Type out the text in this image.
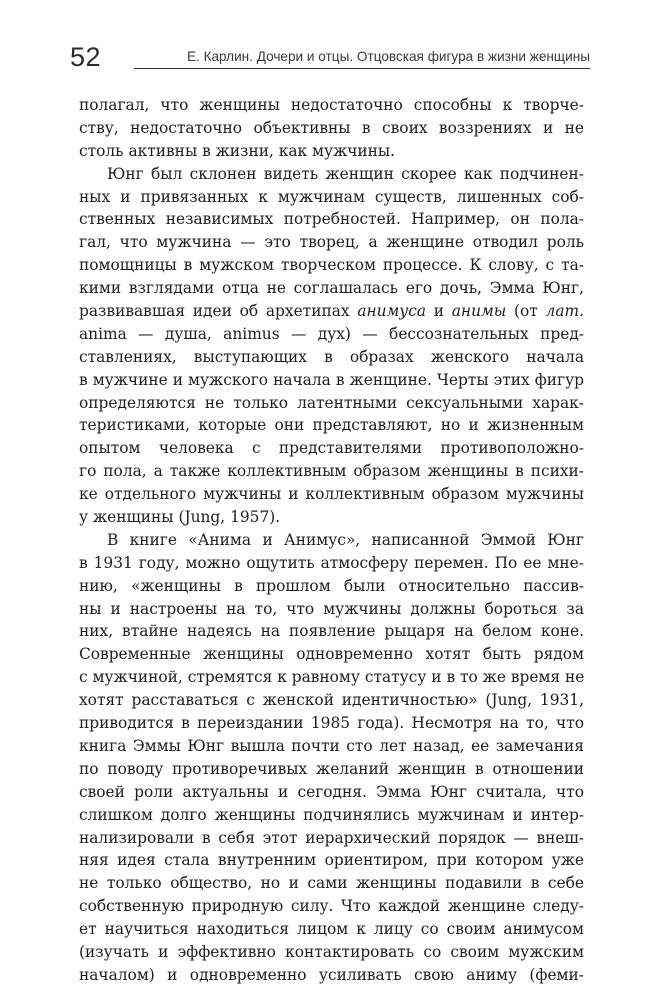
52	Е. Карлин. Дочери и отцы. Отцовская фигура в жизни женщины
полагал, что женщины недостаточно способны к творче-
ству, недостаточно объективны в своих воззрениях и не
столь активны в жизни, как мужчины.
Юнг был склонен видеть женщин скорее как подчинен-
ных и привязанных к мужчинам существ, лишенных соб-
ственных независимых потребностей. Например, он пола-
гал, что мужчина — это творец, а женщине отводил роль
помощницы в мужском творческом процессе. К слову, с та-
кими взглядами отца не соглашалась его дочь, Эмма Юнг,
развивавшая идеи об архетипах анимуса и анимы (от лат.
anima — душа, animus — дух) — бессознательных пред-
ставлениях, выступающих в образах женского начала
в мужчине и мужского начала в женщине. Черты этих фигур
определяются не только латентными сексуальными харак-
теристиками, которые они представляют, но и жизненным
опытом человека с представителями противоположно-
го пола, а также коллективным образом женщины в психи-
ке отдельного мужчины и коллективным образом мужчины
у женщины (Jung, 1957).
В книге «Анима и Анимус», написанной Эммой Юнг
в 1931 году, можно ощутить атмосферу перемен. По ее мне-
нию, «женщины в прошлом были относительно пассив-
ны и настроены на то, что мужчины должны бороться за
них, втайне надеясь на появление рыцаря на белом коне.
Современные женщины одновременно хотят быть рядом
с мужчиной, стремятся к равному статусу и в то же время не
хотят расставаться с женской идентичностью» (Jung, 1931,
приводится в переиздании 1985 года). Несмотря на то, что
книга Эммы Юнг вышла почти сто лет назад, ее замечания
по поводу противоречивых желаний женщин в отношении
своей роли актуальны и сегодня. Эмма Юнг считала, что
слишком долго женщины подчинялись мужчинам и интер-
нализировали в себя этот иерархический порядок — внеш-
няя идея стала внутренним ориентиром, при котором уже
не только общество, но и сами женщины подавили в себе
собственную природную силу. Что каждой женщине следу-
ет научиться находиться лицом к лицу со своим анимусом
(изучать и эффективно контактировать со своим мужским
началом) и одновременно усиливать свою аниму (феми-
